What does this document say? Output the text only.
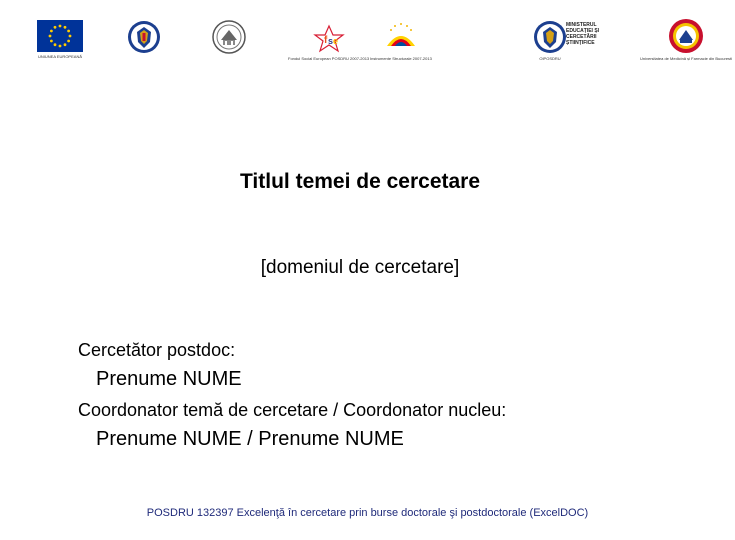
UNIUNEA EUROPEANĂ
f s e
Fondul Social European POSDRU 2007-2013 Instrumente Structurale 2007-2013	OIPOSDRU
MINISTERUL EDUCAȚIEI ȘI CERCETĂRII ȘTIINȚIFICE
Universitatea de Medicină și Farmacie din Bucuresti
Titlul temei de cercetare
[domeniul de cercetare]
Cercetător postdoc:
Prenume NUME
Coordonator temă de cercetare / Coordonator nucleu:
Prenume NUME / Prenume NUME
POSDRU 132397 Excelenţă în cercetare prin burse doctorale şi postdoctorale (ExcelDOC)
